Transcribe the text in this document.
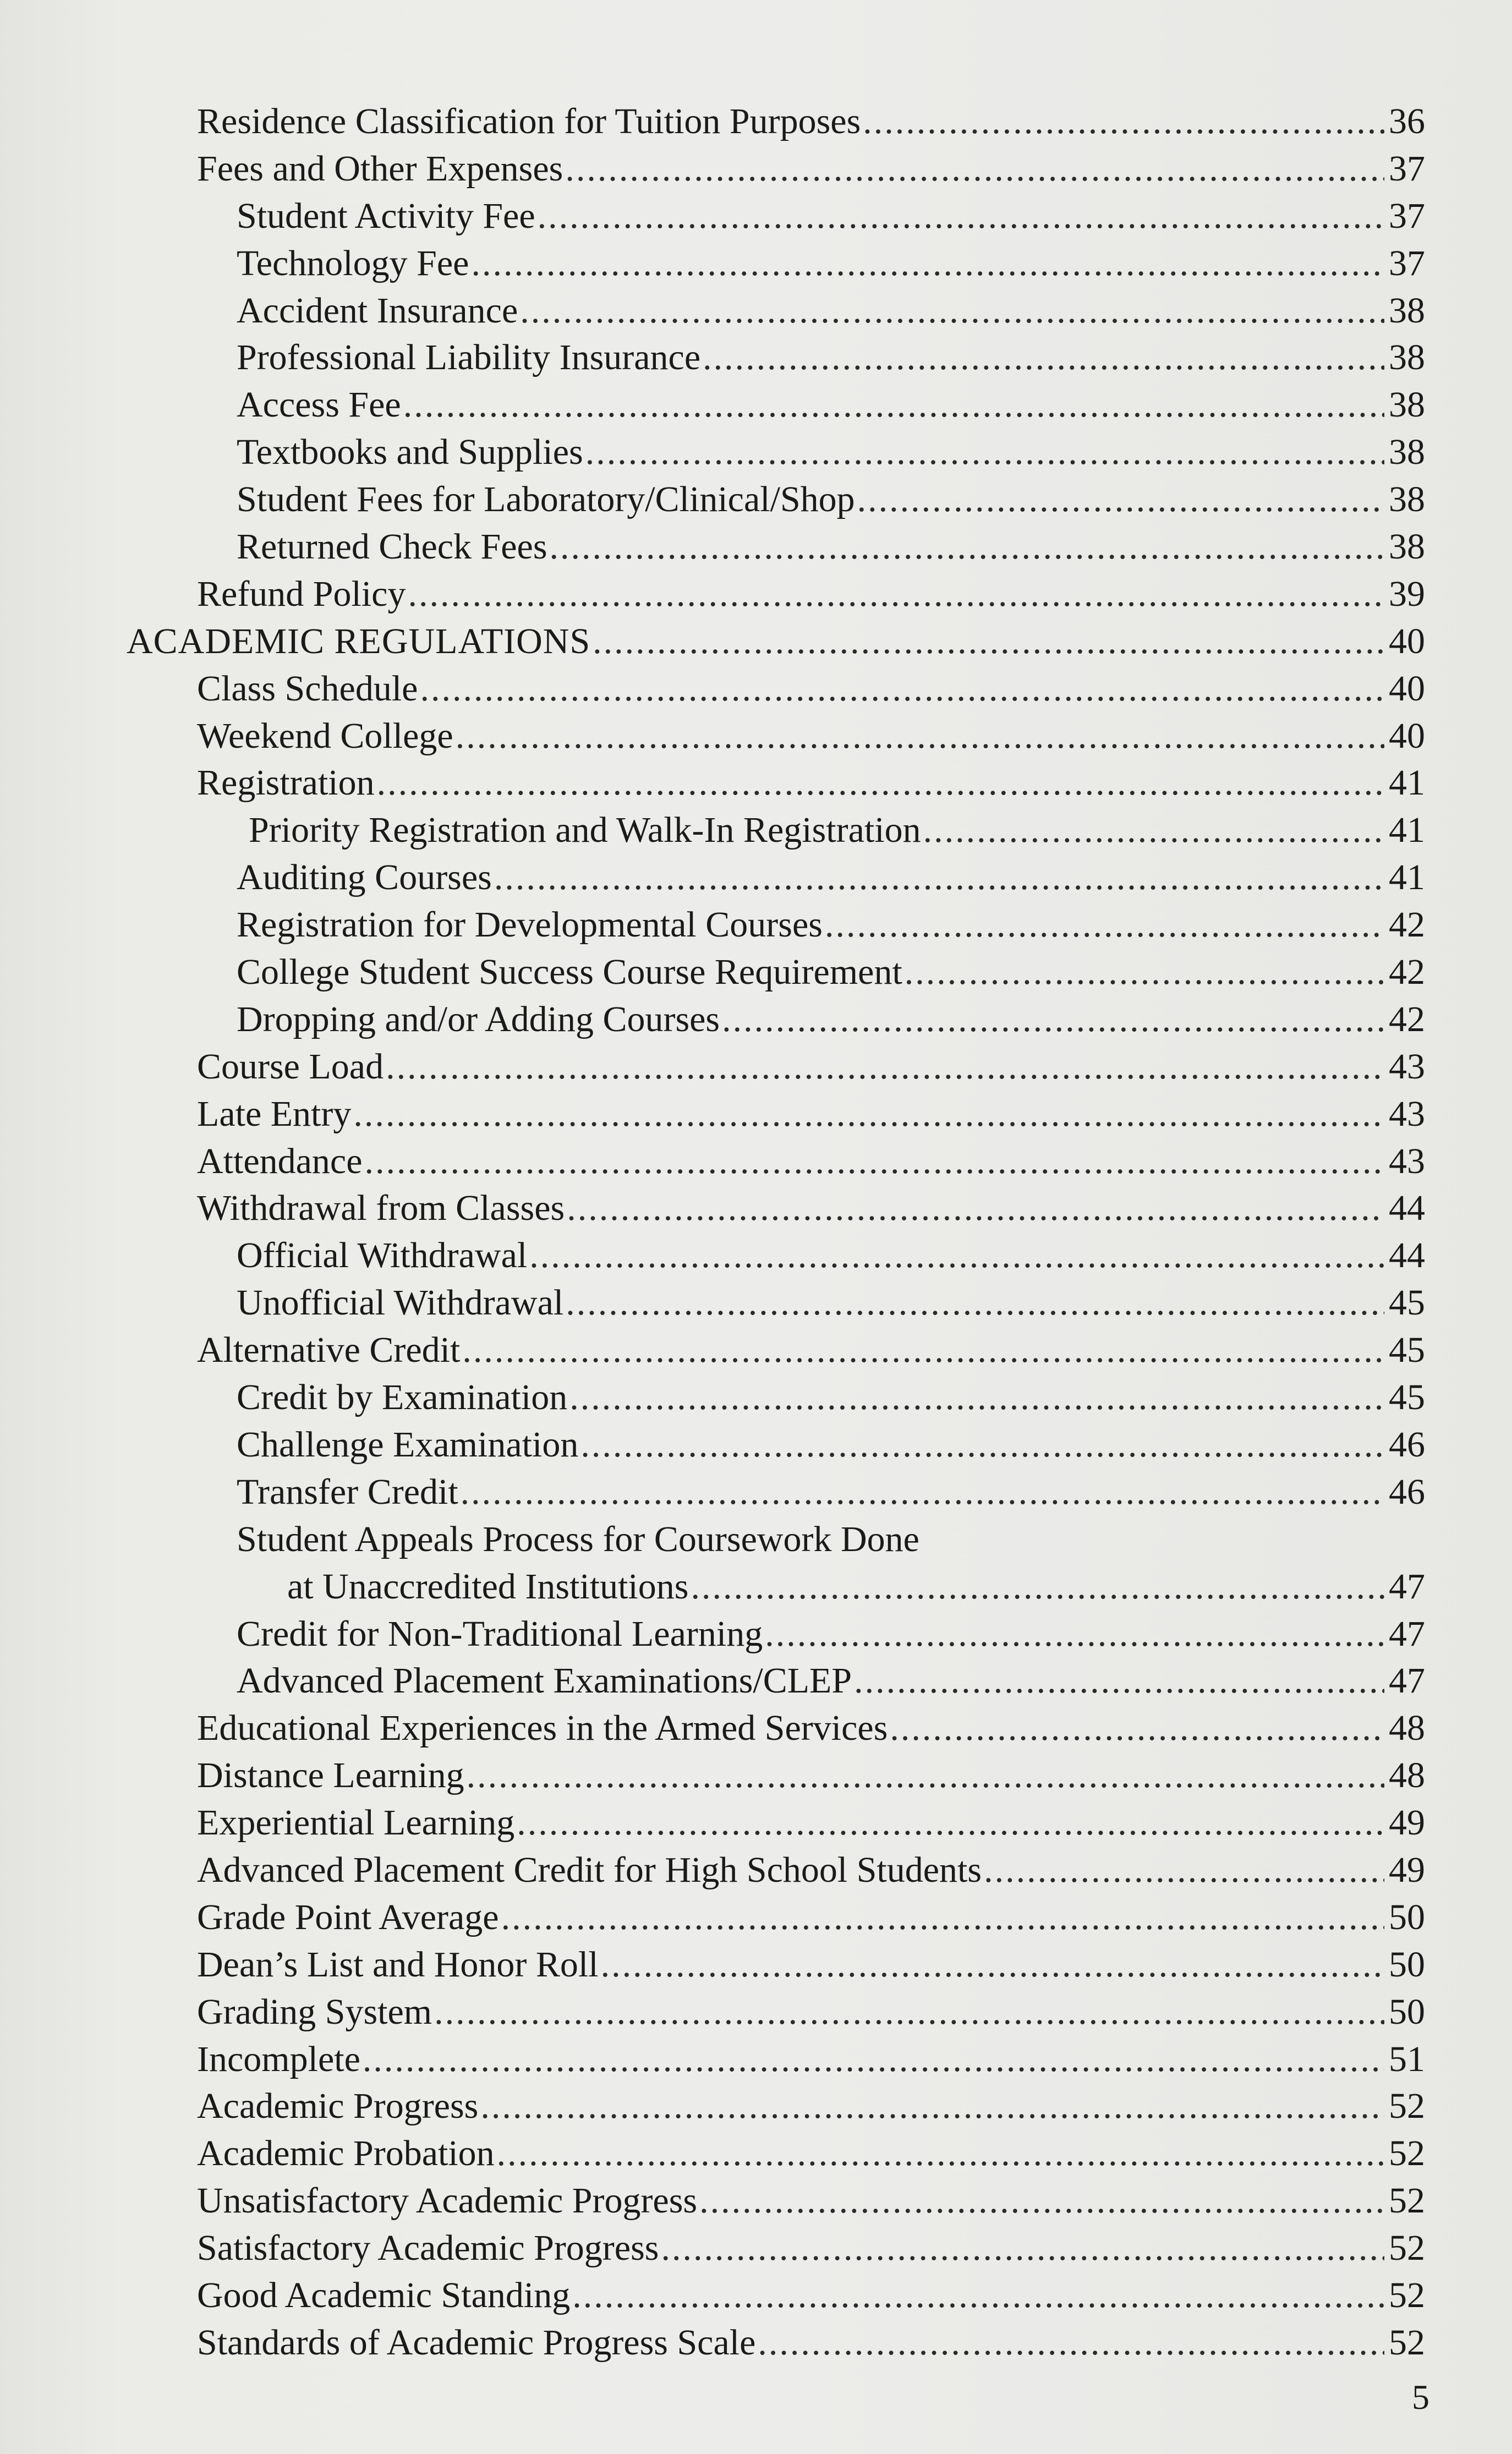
Residence Classification for Tuition Purposes .....	36
Fees and Other Expenses .....	37
Student Activity Fee .....	37
Technology Fee .....	37
Accident Insurance .....	38
Professional Liability Insurance .....	38
Access Fee .....	38
Textbooks and Supplies .....	38
Student Fees for Laboratory/Clinical/Shop .....	38
Returned Check Fees .....	38
Refund Policy .....	39
ACADEMIC REGULATIONS .....	40
Class Schedule .....	40
Weekend College .....	40
Registration .....	41
Priority Registration and Walk-In Registration .....	41
Auditing Courses .....	41
Registration for Developmental Courses .....	42
College Student Success Course Requirement .....	42
Dropping and/or Adding Courses .....	42
Course Load .....	43
Late Entry .....	43
Attendance .....	43
Withdrawal from Classes .....	44
Official Withdrawal .....	44
Unofficial Withdrawal .....	45
Alternative Credit .....	45
Credit by Examination .....	45
Challenge Examination .....	46
Transfer Credit .....	46
Student Appeals Process for Coursework Done
at Unaccredited Institutions .....	47
Credit for Non-Traditional Learning .....	47
Advanced Placement Examinations/CLEP .....	47
Educational Experiences in the Armed Services .....	48
Distance Learning .....	48
Experiential Learning .....	49
Advanced Placement Credit for High School Students .....	49
Grade Point Average .....	50
Dean’s List and Honor Roll .....	50
Grading System .....	50
Incomplete .....	51
Academic Progress .....	52
Academic Probation .....	52
Unsatisfactory Academic Progress .....	52
Satisfactory Academic Progress .....	52
Good Academic Standing .....	52
Standards of Academic Progress Scale .....	52
5
